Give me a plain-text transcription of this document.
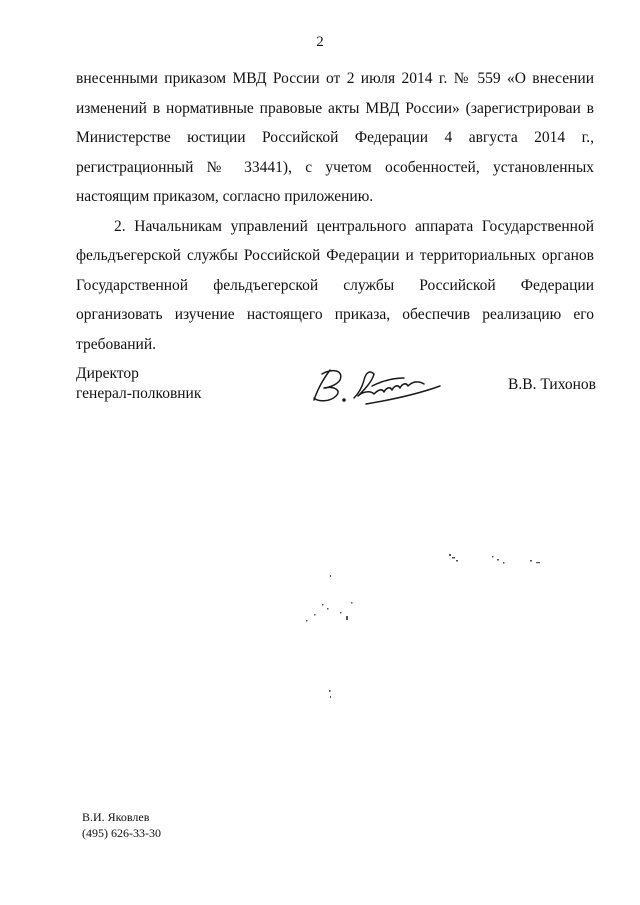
2

внесенными приказом МВД России от 2 июля 2014 г. № 559 «О внесении изменений в нормативные правовые акты МВД России» (зарегистрироваи в Министерстве юстиции Российской Федерации 4 августа 2014 г., регистрационный № 33441), с учетом особенностей, установленных настоящим приказом, согласно приложению.

2. Начальникам управлений центрального аппарата Государственной фельдъегерской службы Российской Федерации и территориальных органов Государственной фельдъегерской службы Российской Федерации организовать изучение настоящего приказа, обеспечив реализацию его требований.

Директор
генерал-полковник
В.В. Тихонов
В.И. Яковлев
(495) 626-33-30
